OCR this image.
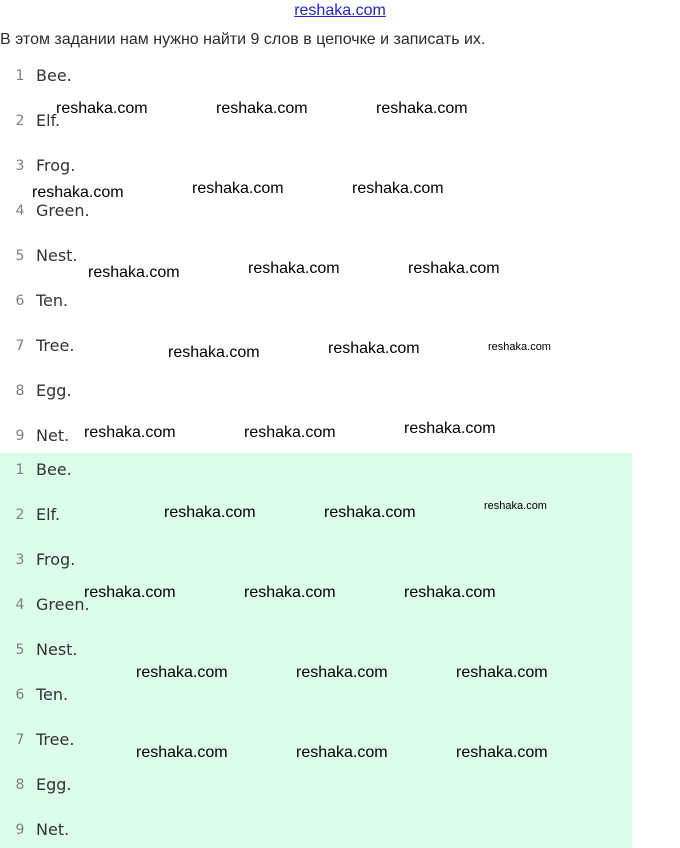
reshaka.com
В этом задании нам нужно найти 9 слов в цепочке и записать их.
1 Bee.
2 Elf.
3 Frog.
4 Green.
5 Nest.
6 Ten.
7 Tree.
8 Egg.
9 Net.
1 Bee.
2 Elf.
3 Frog.
4 Green.
5 Nest.
6 Ten.
7 Tree.
8 Egg.
9 Net.
reshaka.com	reshaka.com	reshaka.com
reshaka.com	reshaka.com	reshaka.com
reshaka.com	reshaka.com	reshaka.com
reshaka.com	reshaka.com	reshaka.com
reshaka.com	reshaka.com	reshaka.com
reshaka.com	reshaka.com	reshaka.com
reshaka.com	reshaka.com	reshaka.com
reshaka.com	reshaka.com	reshaka.com
reshaka.com	reshaka.com	reshaka.com
